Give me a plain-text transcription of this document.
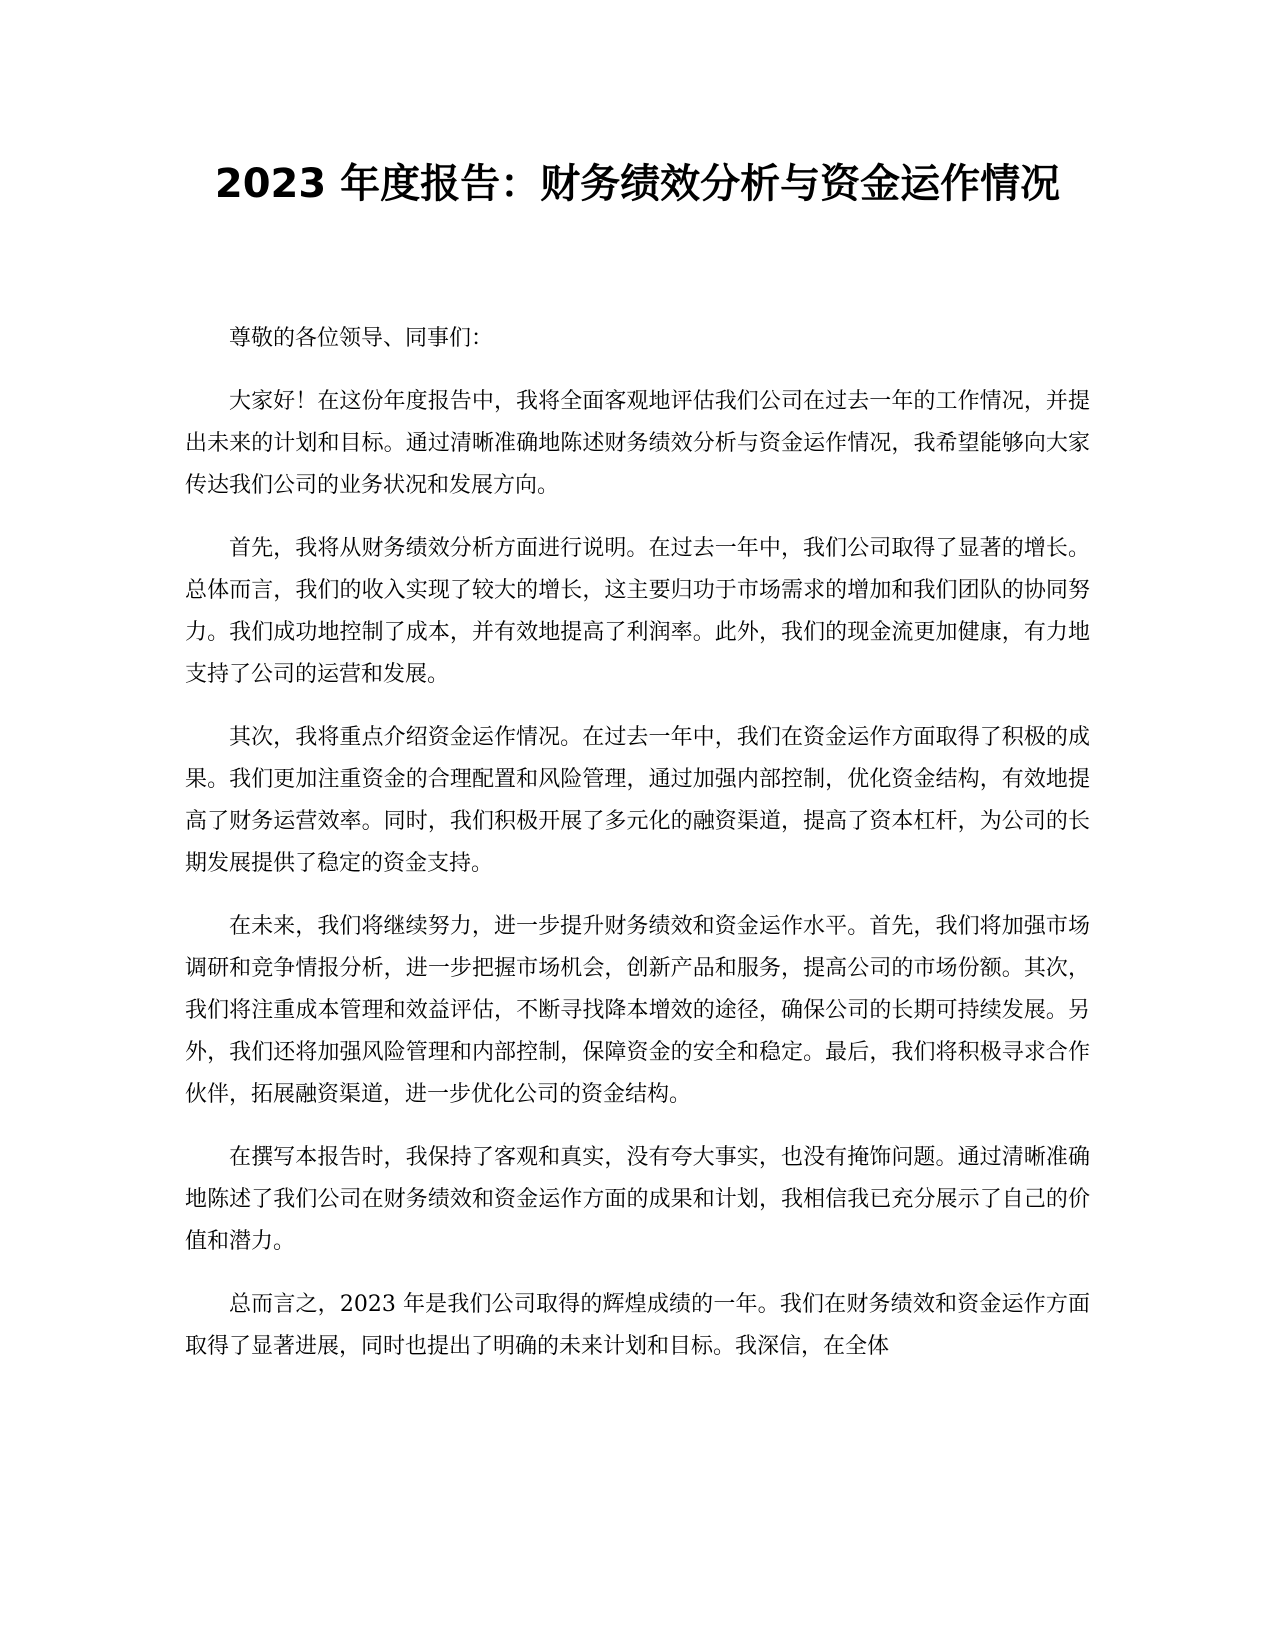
2023 年度报告：财务绩效分析与资金运作情况

尊敬的各位领导、同事们：

大家好！在这份年度报告中，我将全面客观地评估我们公司在过去一年的工作情况，并提出未来的计划和目标。通过清晰准确地陈述财务绩效分析与资金运作情况，我希望能够向大家传达我们公司的业务状况和发展方向。

首先，我将从财务绩效分析方面进行说明。在过去一年中，我们公司取得了显著的增长。总体而言，我们的收入实现了较大的增长，这主要归功于市场需求的增加和我们团队的协同努力。我们成功地控制了成本，并有效地提高了利润率。此外，我们的现金流更加健康，有力地支持了公司的运营和发展。

其次，我将重点介绍资金运作情况。在过去一年中，我们在资金运作方面取得了积极的成果。我们更加注重资金的合理配置和风险管理，通过加强内部控制，优化资金结构，有效地提高了财务运营效率。同时，我们积极开展了多元化的融资渠道，提高了资本杠杆，为公司的长期发展提供了稳定的资金支持。

在未来，我们将继续努力，进一步提升财务绩效和资金运作水平。首先，我们将加强市场调研和竞争情报分析，进一步把握市场机会，创新产品和服务，提高公司的市场份额。其次，我们将注重成本管理和效益评估，不断寻找降本增效的途径，确保公司的长期可持续发展。另外，我们还将加强风险管理和内部控制，保障资金的安全和稳定。最后，我们将积极寻求合作伙伴，拓展融资渠道，进一步优化公司的资金结构。

在撰写本报告时，我保持了客观和真实，没有夸大事实，也没有掩饰问题。通过清晰准确地陈述了我们公司在财务绩效和资金运作方面的成果和计划，我相信我已充分展示了自己的价值和潜力。

总而言之，2023 年是我们公司取得的辉煌成绩的一年。我们在财务绩效和资金运作方面取得了显著进展，同时也提出了明确的未来计划和目标。我深信，在全体
